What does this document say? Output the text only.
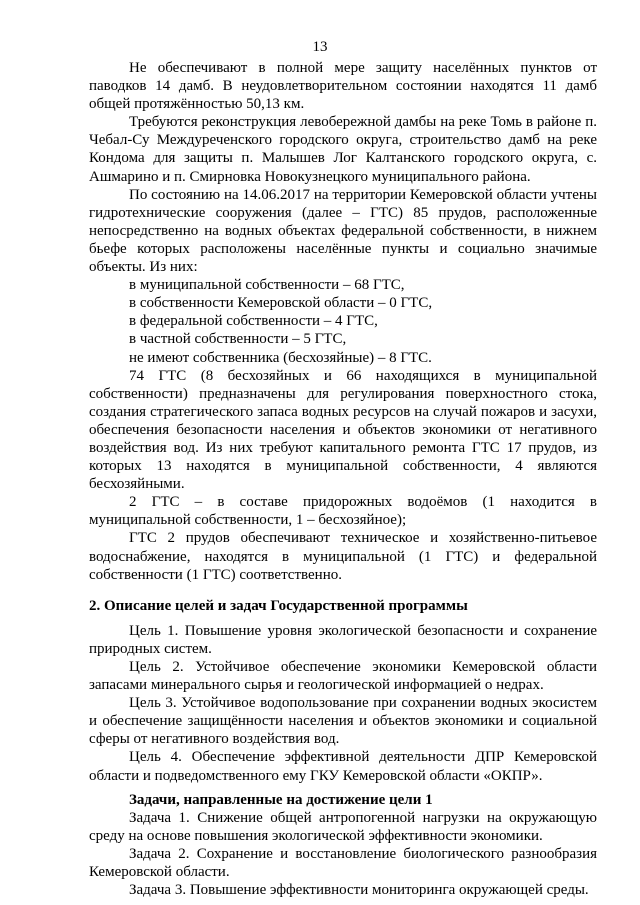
13

Не обеспечивают в полной мере защиту населённых пунктов от паводков 14 дамб. В неудовлетворительном состоянии находятся 11 дамб общей протяжённостью 50,13 км.

Требуются реконструкция левобережной дамбы на реке Томь в районе п. Чебал-Су Междуреченского городского округа, строительство дамб на реке Кондома для защиты п. Малышев Лог Калтанского городского округа, с. Ашмарино и п. Смирновка Новокузнецкого муниципального района.

По состоянию на 14.06.2017 на территории Кемеровской области учтены гидротехнические сооружения (далее – ГТС) 85 прудов, расположенные непосредственно на водных объектах федеральной собственности, в нижнем бьефе которых расположены населённые пункты и социально значимые объекты. Из них:

в муниципальной собственности – 68 ГТС,

в собственности Кемеровской области – 0 ГТС,

в федеральной собственности – 4 ГТС,

в частной собственности – 5 ГТС,

не имеют собственника (бесхозяйные) – 8 ГТС.

74 ГТС (8 бесхозяйных и 66 находящихся в муниципальной собственности) предназначены для регулирования поверхностного стока, создания стратегического запаса водных ресурсов на случай пожаров и засухи, обеспечения безопасности населения и объектов экономики от негативного воздействия вод. Из них требуют капитального ремонта ГТС 17 прудов, из которых 13 находятся в муниципальной собственности, 4 являются бесхозяйными.

2 ГТС – в составе придорожных водоёмов (1 находится в муниципальной собственности, 1 – бесхозяйное);

ГТС 2 прудов обеспечивают техническое и хозяйственно-питьевое водоснабжение, находятся в муниципальной (1 ГТС) и федеральной собственности (1 ГТС) соответственно.

2. Описание целей и задач Государственной программы

Цель 1. Повышение уровня экологической безопасности и сохранение природных систем.

Цель 2. Устойчивое обеспечение экономики Кемеровской области запасами минерального сырья и геологической информацией о недрах.

Цель 3. Устойчивое водопользование при сохранении водных экосистем и обеспечение защищённости населения и объектов экономики и социальной сферы от негативного воздействия вод.

Цель 4. Обеспечение эффективной деятельности ДПР Кемеровской области и подведомственного ему ГКУ Кемеровской области «ОКПР».

Задачи, направленные на достижение цели 1

Задача 1. Снижение общей антропогенной нагрузки на окружающую среду на основе повышения экологической эффективности экономики.

Задача 2. Сохранение и восстановление биологического разнообразия Кемеровской области.

Задача 3. Повышение эффективности мониторинга окружающей среды.
